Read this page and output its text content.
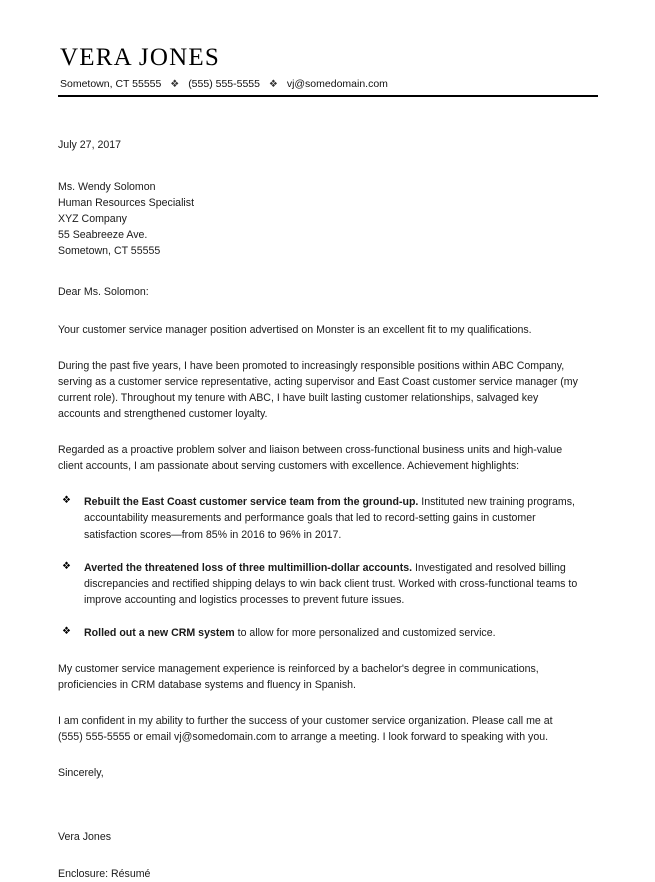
VERA JONES
Sometown, CT 55555 ❖ (555) 555-5555 ❖ vj@somedomain.com
July 27, 2017
Ms. Wendy Solomon
Human Resources Specialist
XYZ Company
55 Seabreeze Ave.
Sometown, CT 55555
Dear Ms. Solomon:

Your customer service manager position advertised on Monster is an excellent fit to my qualifications.

During the past five years, I have been promoted to increasingly responsible positions within ABC Company, serving as a customer service representative, acting supervisor and East Coast customer service manager (my current role). Throughout my tenure with ABC, I have built lasting customer relationships, salvaged key accounts and strengthened customer loyalty.

Regarded as a proactive problem solver and liaison between cross-functional business units and high-value client accounts, I am passionate about serving customers with excellence. Achievement highlights:

❖ Rebuilt the East Coast customer service team from the ground-up. Instituted new training programs, accountability measurements and performance goals that led to record-setting gains in customer satisfaction scores—from 85% in 2016 to 96% in 2017.
❖ Averted the threatened loss of three multimillion-dollar accounts. Investigated and resolved billing discrepancies and rectified shipping delays to win back client trust. Worked with cross-functional teams to improve accounting and logistics processes to prevent future issues.
❖ Rolled out a new CRM system to allow for more personalized and customized service.

My customer service management experience is reinforced by a bachelor's degree in communications, proficiencies in CRM database systems and fluency in Spanish.

I am confident in my ability to further the success of your customer service organization. Please call me at (555) 555-5555 or email vj@somedomain.com to arrange a meeting. I look forward to speaking with you.

Sincerely,

Vera Jones

Enclosure: Résumé
